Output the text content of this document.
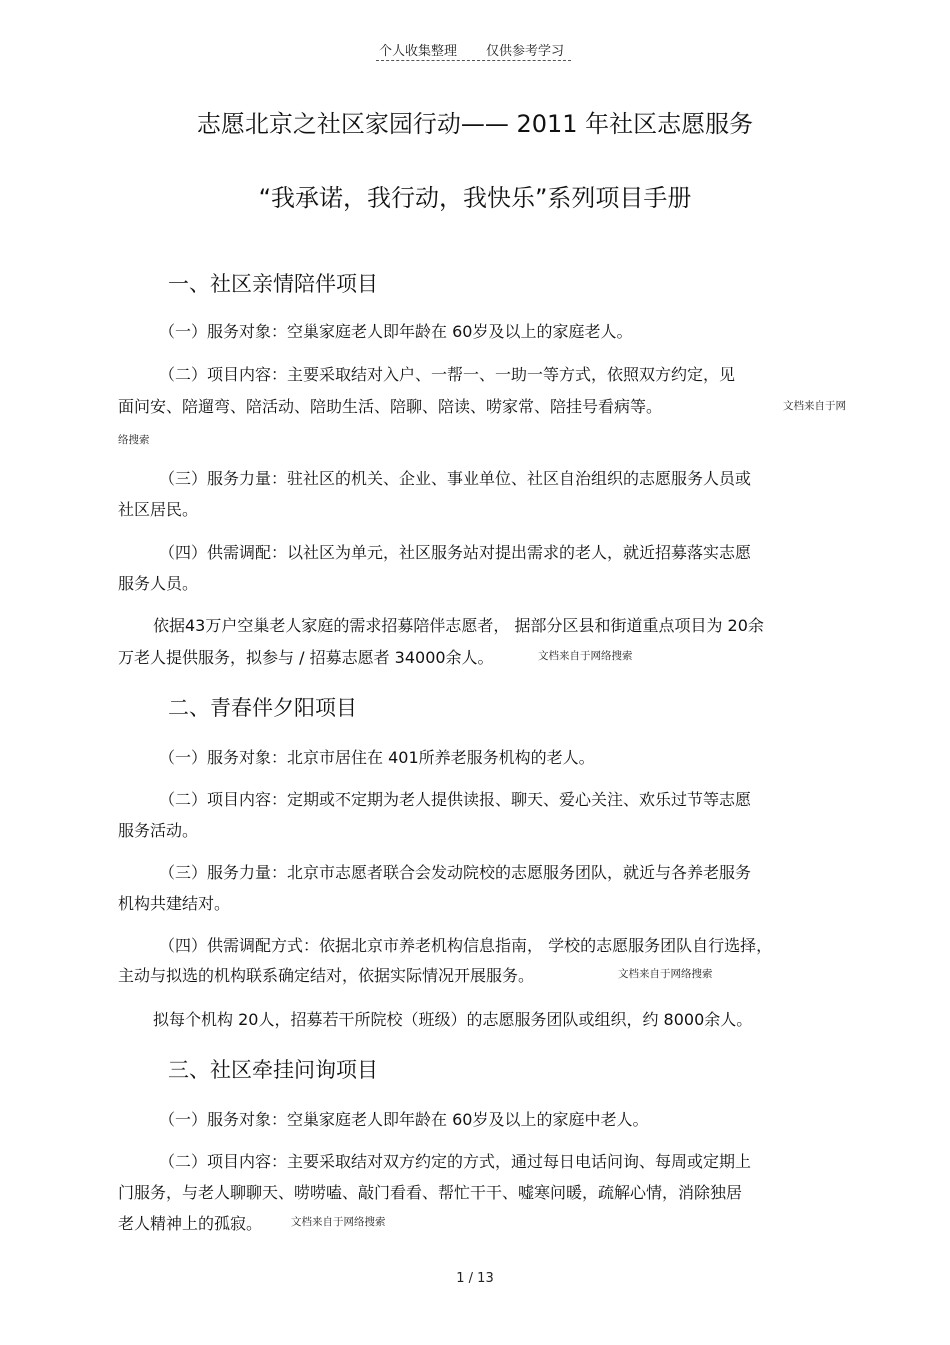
个人收集整理 仅供参考学习
志愿北京之社区家园行动—— 2011 年社区志愿服务
“我承诺，我行动，我快乐”系列项目手册
一、社区亲情陪伴项目
（一）服务对象：空巢家庭老人即年龄在 60岁及以上的家庭老人。
（二）项目内容：主要采取结对入户、一帮一、一助一等方式，依照双方约定，见
面问安、陪遛弯、陪活动、陪助生活、陪聊、陪读、唠家常、陪挂号看病等。	文档来自于网
络搜索
（三）服务力量：驻社区的机关、企业、事业单位、社区自治组织的志愿服务人员或
社区居民。
（四）供需调配：以社区为单元，社区服务站对提出需求的老人，就近招募落实志愿
服务人员。
依据43万户空巢老人家庭的需求招募陪伴志愿者， 据部分区县和街道重点项目为 20余
万老人提供服务，拟参与 / 招募志愿者 34000余人。	文档来自于网络搜索
二、青春伴夕阳项目
（一）服务对象：北京市居住在 401所养老服务机构的老人。
（二）项目内容：定期或不定期为老人提供读报、聊天、爱心关注、欢乐过节等志愿
服务活动。
（三）服务力量：北京市志愿者联合会发动院校的志愿服务团队，就近与各养老服务
机构共建结对。
（四）供需调配方式：依据北京市养老机构信息指南， 学校的志愿服务团队自行选择，
主动与拟选的机构联系确定结对，依据实际情况开展服务。	文档来自于网络搜索
拟每个机构 20人，招募若干所院校（班级）的志愿服务团队或组织，约 8000余人。
三、社区牵挂问询项目
（一）服务对象：空巢家庭老人即年龄在 60岁及以上的家庭中老人。
（二）项目内容：主要采取结对双方约定的方式，通过每日电话问询、每周或定期上
门服务，与老人聊聊天、唠唠嗑、敲门看看、帮忙干干、嘘寒问暖，疏解心情，消除独居
老人精神上的孤寂。	文档来自于网络搜索
1 / 13
